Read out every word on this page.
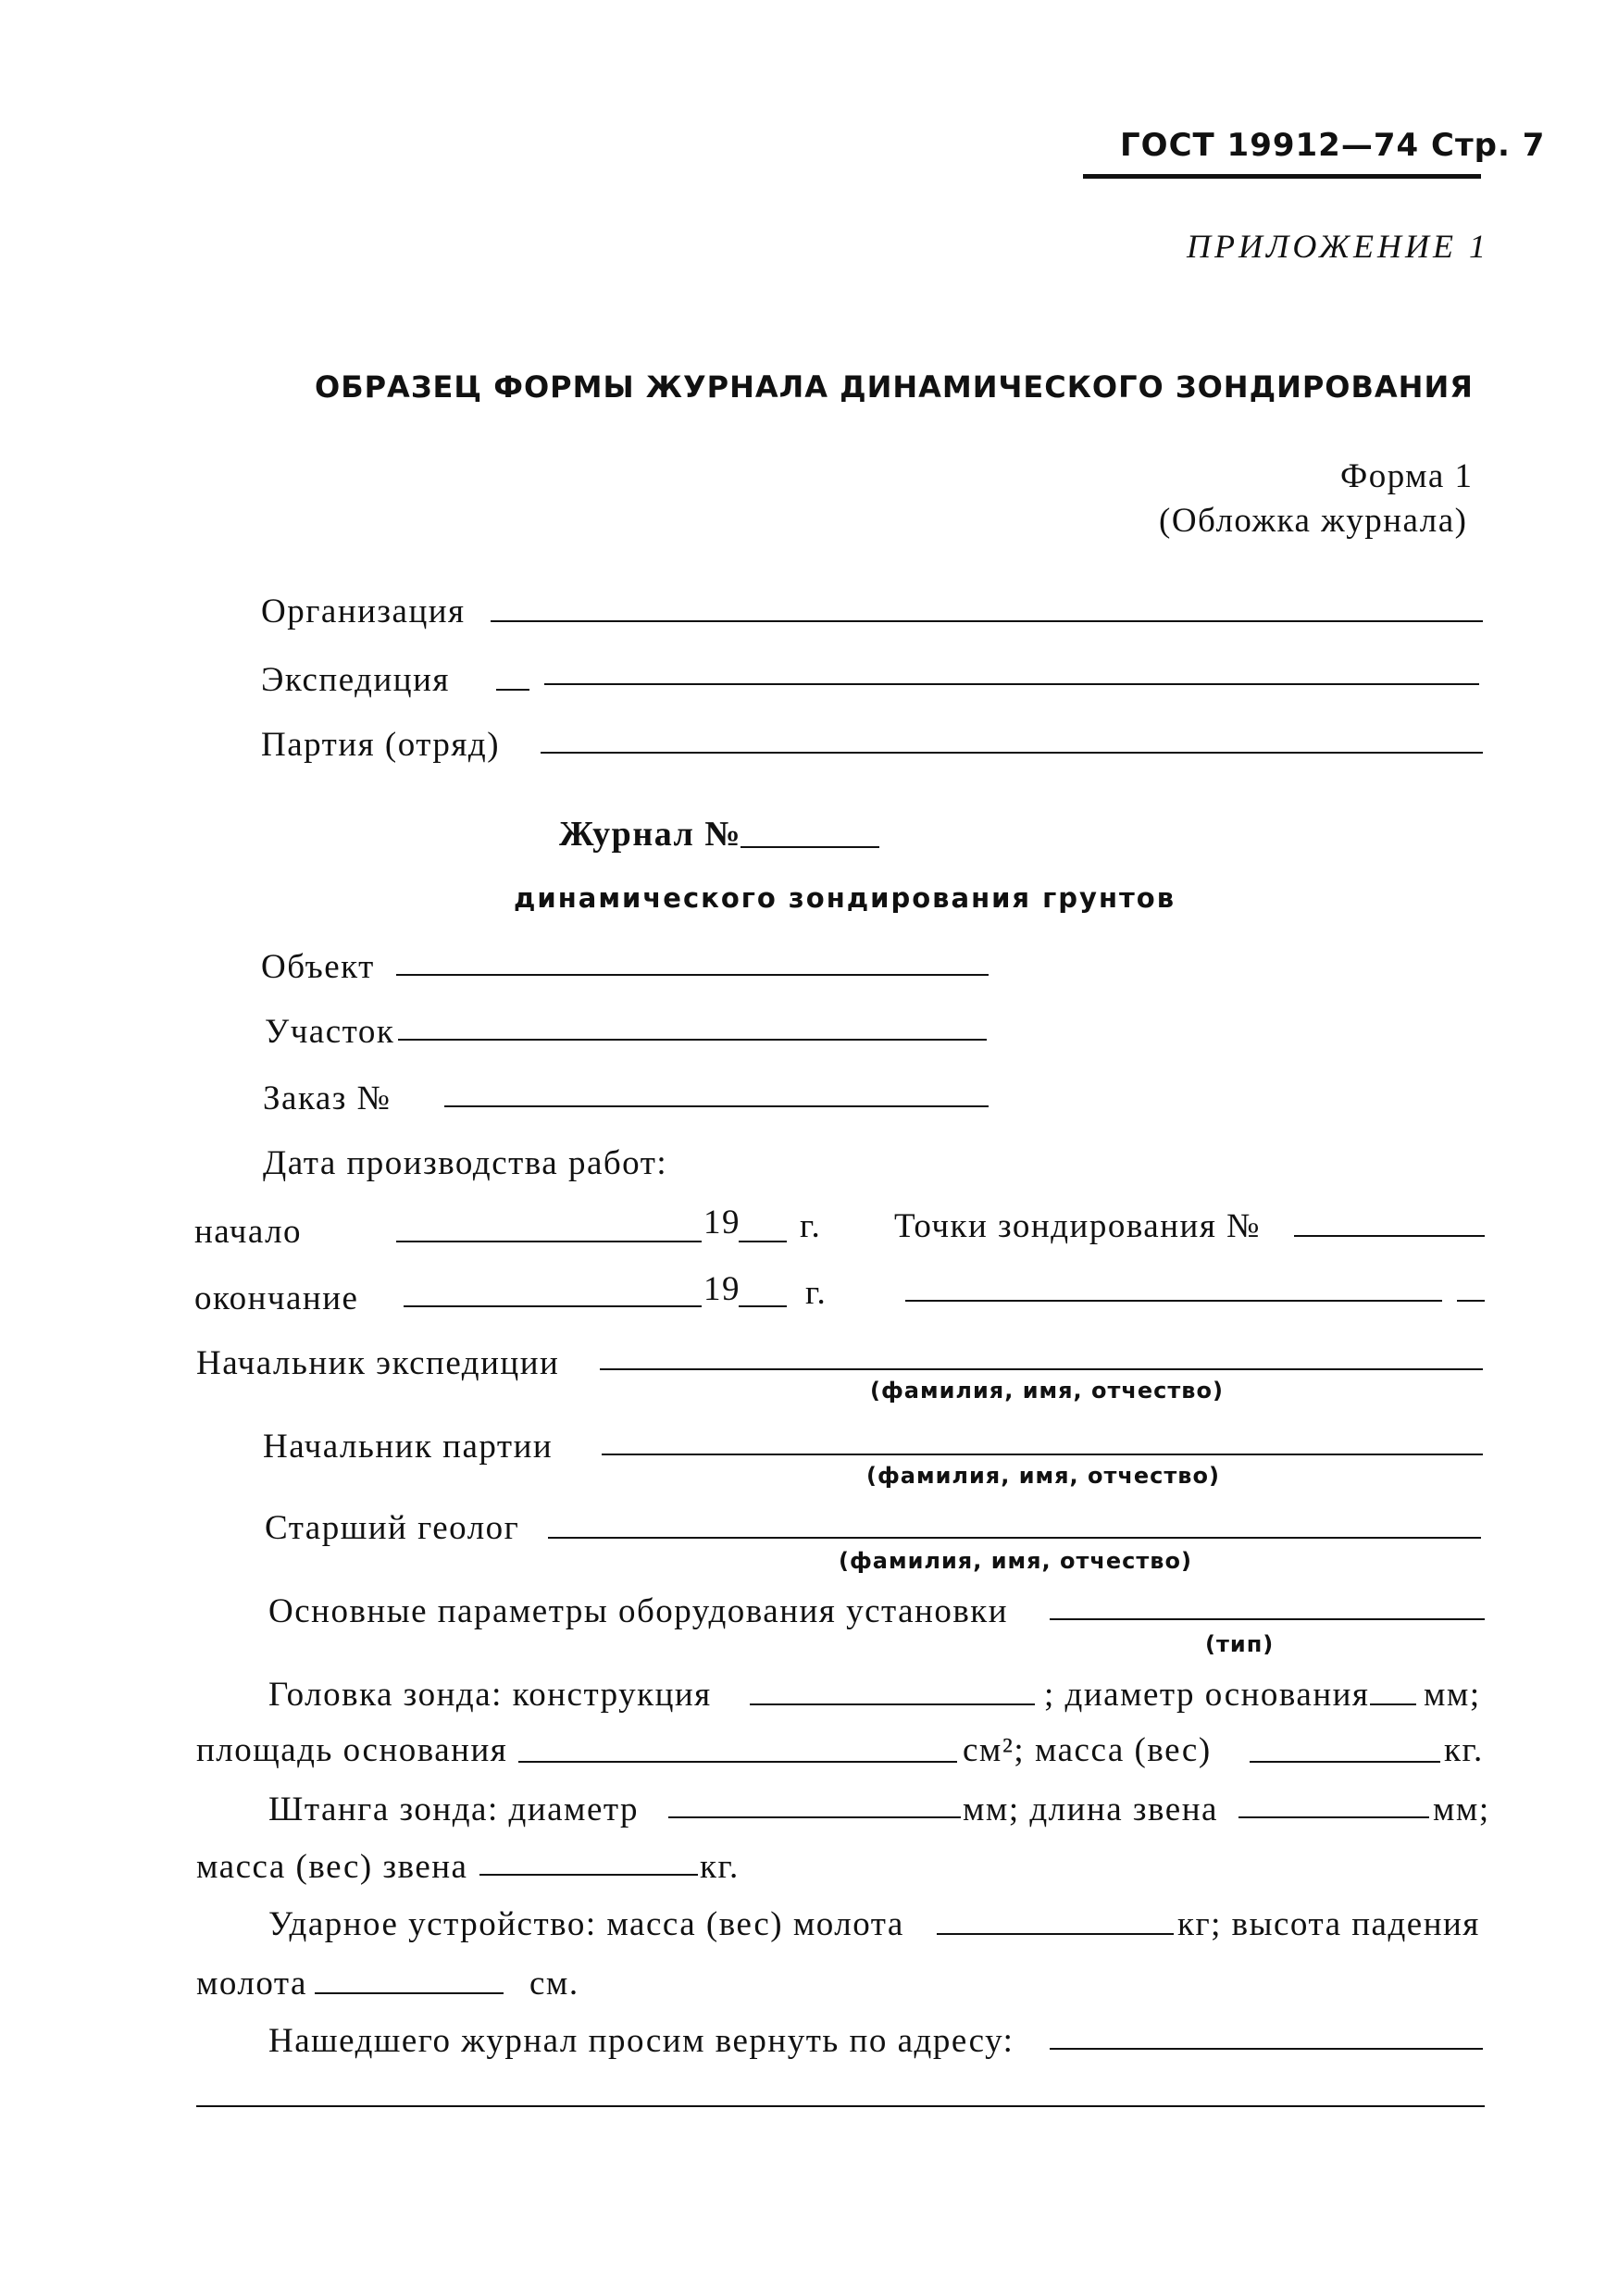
ГОСТ 19912—74 Стр. 7
ПРИЛОЖЕНИЕ 1
ОБРАЗЕЦ ФОРМЫ ЖУРНАЛА ДИНАМИЧЕСКОГО ЗОНДИРОВАНИЯ
Форма 1
(Обложка журнала)
Организация
Экспедиция
Партия (отряд)
Журнал №
динамического зондирования грунтов
Объект
Участок
Заказ №
Дата производства работ:
начало	19 г. Точки зондирования №
окончание	19 г.
Начальник экспедиции
(фамилия, имя, отчество)
Начальник партии
(фамилия, имя, отчество)
Старший геолог
(фамилия, имя, отчество)
Основные параметры оборудования установки
(тип)
Головка зонда: конструкция	; диаметр основания мм;
площадь основания	см²; масса (вес)	кг.
Штанга зонда: диаметр	мм; длина звена	мм;
масса (вес) звена	кг.
Ударное устройство: масса (вес) молота	кг; высота падения
молота	см.
Нашедшего журнал просим вернуть по адресу:
